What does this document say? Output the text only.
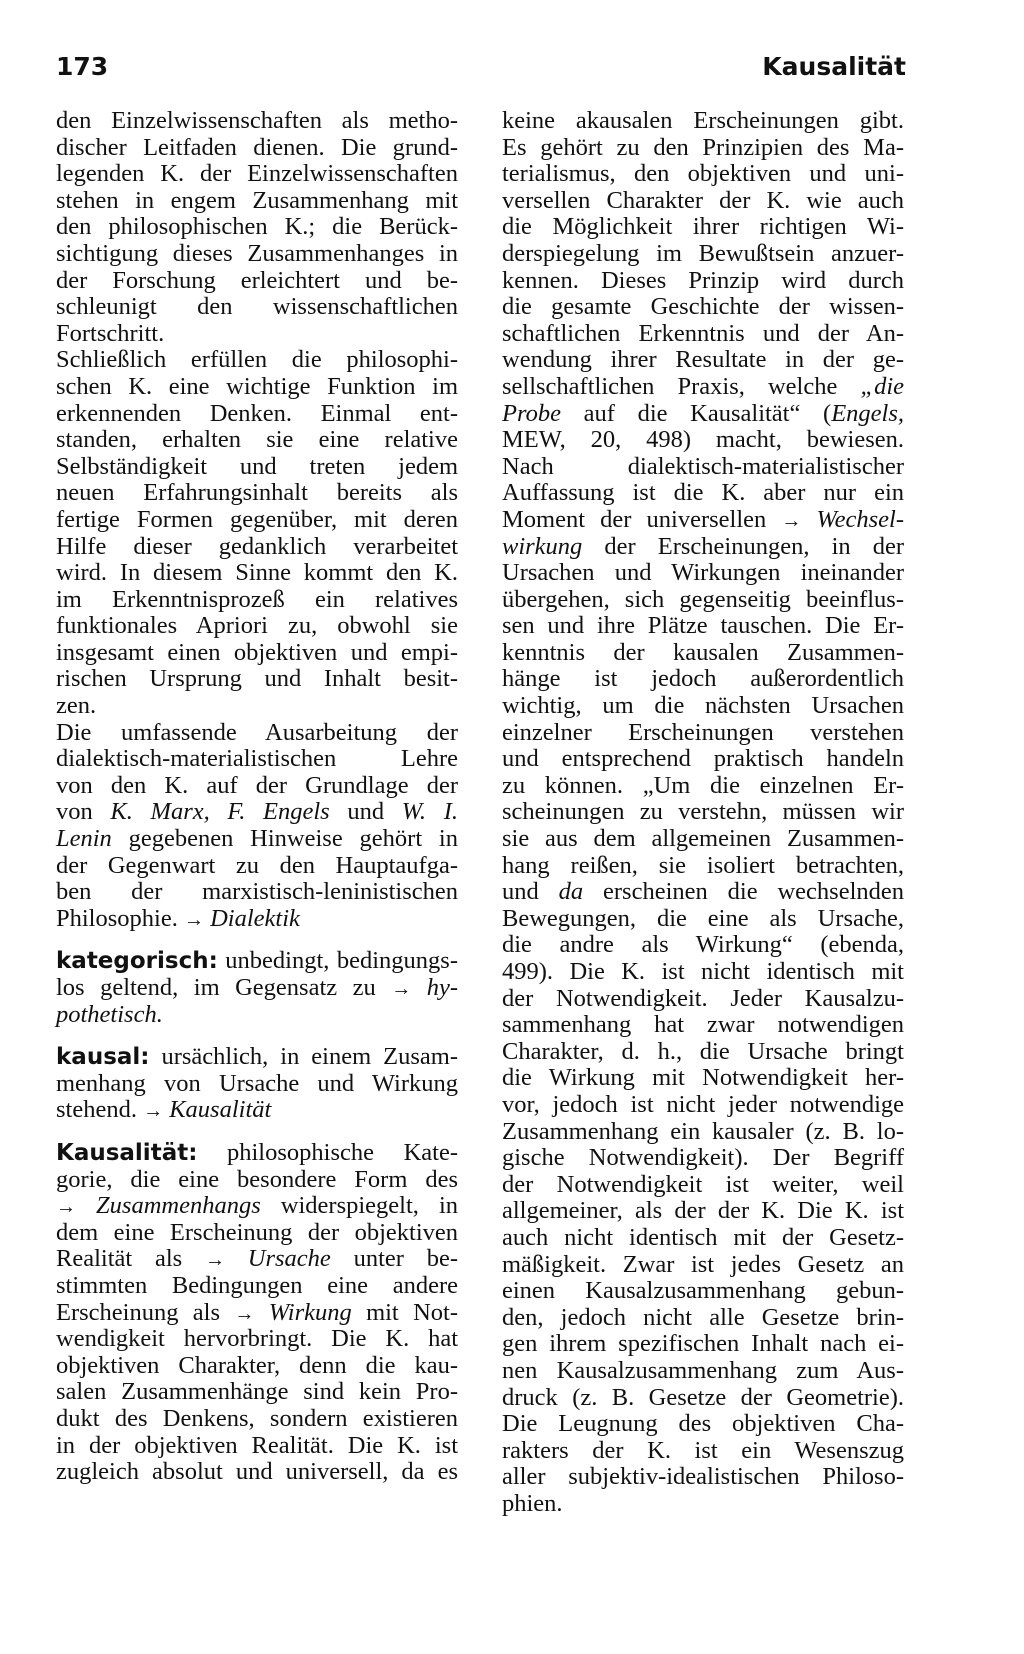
173	Kausalität
den Einzelwissenschaften als metho-
discher Leitfaden dienen. Die grund-
legenden K. der Einzelwissenschaften
stehen in engem Zusammenhang mit
den philosophischen K.; die Berück-
sichtigung dieses Zusammenhanges in
der Forschung erleichtert und be-
schleunigt den wissenschaftlichen
Fortschritt.
Schließlich erfüllen die philosophi-
schen K. eine wichtige Funktion im
erkennenden Denken. Einmal ent-
standen, erhalten sie eine relative
Selbständigkeit und treten jedem
neuen Erfahrungsinhalt bereits als
fertige Formen gegenüber, mit deren
Hilfe dieser gedanklich verarbeitet
wird. In diesem Sinne kommt den K.
im Erkenntnisprozeß ein relatives
funktionales Apriori zu, obwohl sie
insgesamt einen objektiven und empi-
rischen Ursprung und Inhalt besit-
zen.
Die umfassende Ausarbeitung der
dialektisch-materialistischen Lehre
von den K. auf der Grundlage der
von K. Marx, F. Engels und W. I.
Lenin gegebenen Hinweise gehört in
der Gegenwart zu den Hauptaufga-
ben der marxistisch-leninistischen
Philosophie. → Dialektik
kategorisch: unbedingt, bedingungs-
los geltend, im Gegensatz zu → hy-
pothetisch.
kausal: ursächlich, in einem Zusam-
menhang von Ursache und Wirkung
stehend. → Kausalität
Kausalität: philosophische Kate-
gorie, die eine besondere Form des
→ Zusammenhangs widerspiegelt, in
dem eine Erscheinung der objektiven
Realität als → Ursache unter be-
stimmten Bedingungen eine andere
Erscheinung als → Wirkung mit Not-
wendigkeit hervorbringt. Die K. hat
objektiven Charakter, denn die kau-
salen Zusammenhänge sind kein Pro-
dukt des Denkens, sondern existieren
in der objektiven Realität. Die K. ist
zugleich absolut und universell, da es
keine akausalen Erscheinungen gibt.
Es gehört zu den Prinzipien des Ma-
terialismus, den objektiven und uni-
versellen Charakter der K. wie auch
die Möglichkeit ihrer richtigen Wi-
derspiegelung im Bewußtsein anzuer-
kennen. Dieses Prinzip wird durch
die gesamte Geschichte der wissen-
schaftlichen Erkenntnis und der An-
wendung ihrer Resultate in der ge-
sellschaftlichen Praxis, welche „die
Probe auf die Kausalität“ (Engels,
MEW, 20, 498) macht, bewiesen.
Nach dialektisch-materialistischer
Auffassung ist die K. aber nur ein
Moment der universellen → Wechsel-
wirkung der Erscheinungen, in der
Ursachen und Wirkungen ineinander
übergehen, sich gegenseitig beeinflus-
sen und ihre Plätze tauschen. Die Er-
kenntnis der kausalen Zusammen-
hänge ist jedoch außerordentlich
wichtig, um die nächsten Ursachen
einzelner Erscheinungen verstehen
und entsprechend praktisch handeln
zu können. „Um die einzelnen Er-
scheinungen zu verstehn, müssen wir
sie aus dem allgemeinen Zusammen-
hang reißen, sie isoliert betrachten,
und da erscheinen die wechselnden
Bewegungen, die eine als Ursache,
die andre als Wirkung“ (ebenda,
499). Die K. ist nicht identisch mit
der Notwendigkeit. Jeder Kausalzu-
sammenhang hat zwar notwendigen
Charakter, d. h., die Ursache bringt
die Wirkung mit Notwendigkeit her-
vor, jedoch ist nicht jeder notwendige
Zusammenhang ein kausaler (z. B. lo-
gische Notwendigkeit). Der Begriff
der Notwendigkeit ist weiter, weil
allgemeiner, als der der K. Die K. ist
auch nicht identisch mit der Gesetz-
mäßigkeit. Zwar ist jedes Gesetz an
einen Kausalzusammenhang gebun-
den, jedoch nicht alle Gesetze brin-
gen ihrem spezifischen Inhalt nach ei-
nen Kausalzusammenhang zum Aus-
druck (z. B. Gesetze der Geometrie).
Die Leugnung des objektiven Cha-
rakters der K. ist ein Wesenszug
aller subjektiv-idealistischen Philoso-
phien.
